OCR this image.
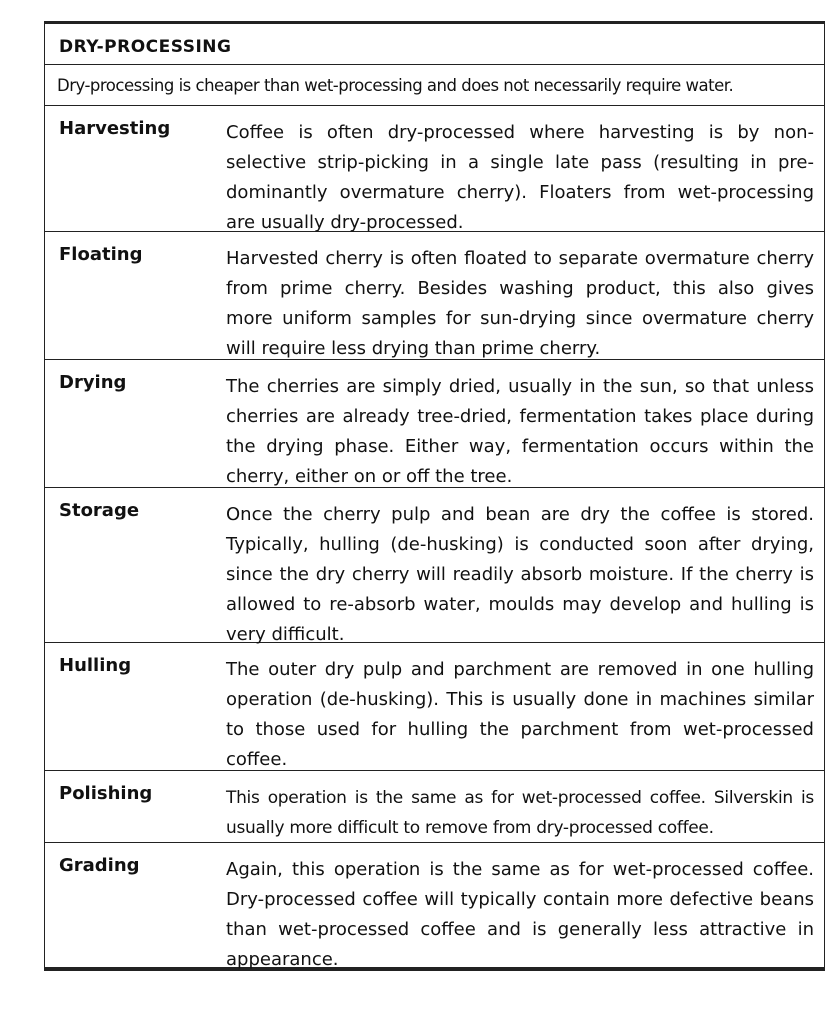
DRY-PROCESSING
Dry-processing is cheaper than wet-processing and does not necessarily require water.
Harvesting	Coffee is often dry-processed where harvesting is by non-selective strip-picking in a single late pass (resulting in pre-dominantly overmature cherry). Floaters from wet-processing are usually dry-processed.
Floating	Harvested cherry is often floated to separate overmature cherry from prime cherry. Besides washing product, this also gives more uniform samples for sun-drying since overmature cherry will require less drying than prime cherry.
Drying	The cherries are simply dried, usually in the sun, so that unless cherries are already tree-dried, fermentation takes place during the drying phase. Either way, fermentation occurs within the cherry, either on or off the tree.
Storage	Once the cherry pulp and bean are dry the coffee is stored. Typically, hulling (de-husking) is conducted soon after drying, since the dry cherry will readily absorb moisture. If the cherry is allowed to re-absorb water, moulds may develop and hulling is very difficult.
Hulling	The outer dry pulp and parchment are removed in one hulling operation (de-husking). This is usually done in machines similar to those used for hulling the parchment from wet-processed coffee.
Polishing	This operation is the same as for wet-processed coffee. Silverskin is usually more difficult to remove from dry-processed coffee.
Grading	Again, this operation is the same as for wet-processed coffee. Dry-processed coffee will typically contain more defective beans than wet-processed coffee and is generally less attractive in appearance.
